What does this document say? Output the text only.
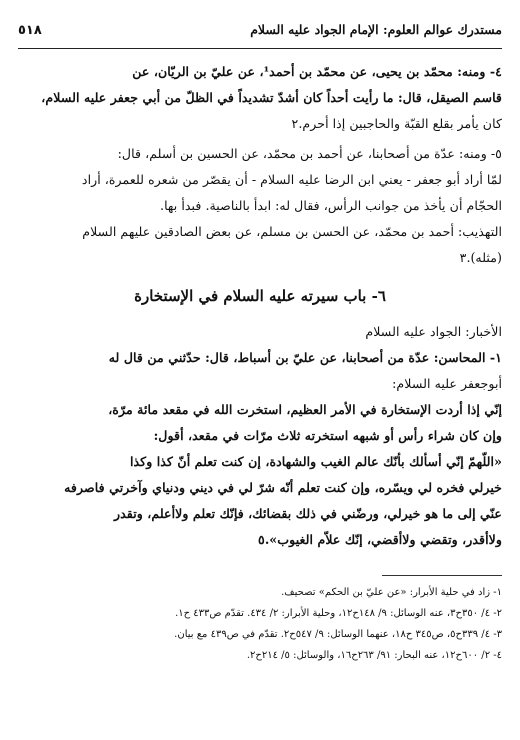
مستدرك عوالم العلوم: الإمام الجواد عليه السلام
٥١٨

٤- ومنه: محمّد بن يحيى، عن محمّد بن أحمد¹، عن عليّ بن الريّان، عن

قاسم الصيقل، قال: ما رأيت أحداً كان أشدّ تشديداً في الظلّ من أبي جعفر عليه السلام،

كان يأمر بقلع القبّة والحاجبين إذا أحرم.٢

٥- ومنه: عدّة من أصحابنا، عن أحمد بن محمّد، عن الحسين بن أسلم، قال:

لمّا أراد أبو جعفر - يعني ابن الرضا عليه السلام - أن يقصّر من شعره للعمرة، أراد

الحجّام أن يأخذ من جوانب الرأس، فقال له: ابدأ بالناصية. فبدأ بها.

التهذيب: أحمد بن محمّد، عن الحسن بن مسلم، عن بعض الصادقين عليهم السلام

(مثله).٣

٦- باب سيرته عليه السلام في الإستخارة

الأخبار: الجواد عليه السلام

١- المحاسن: عدّة من أصحابنا، عن عليّ بن أسباط، قال: حدّثني من قال له

أبوجعفر عليه السلام:

إنّي إذا أردت الإستخارة في الأمر العظيم، استخرت الله في مقعد مائة مرّة،

وإن كان شراء رأس أو شبهه استخرته ثلاث مرّات في مقعد، أقول:

«اللّهمّ إنّي أسألك بأنّك عالم الغيب والشهادة، إن كنت تعلم أنّ كذا وكذا

خيرلي فخره لي ويسّره، وإن كنت تعلم أنّه شرّ لي في ديني ودنياي وآخرتي فاصرفه

عنّي إلى ما هو خيرلي، ورضّني في ذلك بقضائك، فإنّك تعلم ولاأعلم، وتقدر

ولاأقدر، وتقضي ولاأقضي، إنّك علاّم الغيوب».٥

١- زاد في حلية الأبرار: «عن عليّ بن الحكم» تصحيف.

٢- ٤/ ٣٥٠ح٣، عنه الوسائل: ٩/ ١٤٨ح١٢، وحلية الأبرار: ٢/ ٤٣٤. تقدّم ص٤٣٣ ح١.

٣- ٤/ ٣٣٩ح٥، ص٣٤٥ ح١٨، عنهما الوسائل: ٩/ ٥٤٧ح٢. تقدّم في ص٤٣٩ مع بيان.

٤- ٢/ ٦٠٠ح١٢، عنه البحار: ٩١/ ٢٦٣ح١٦، والوسائل: ٥/ ٢١٤ح٢.
